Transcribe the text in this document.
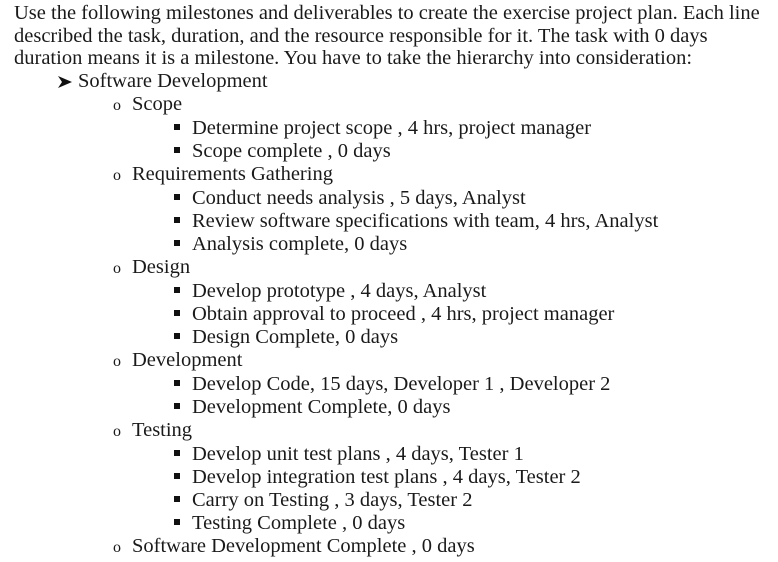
Use the following milestones and deliverables to create the exercise project plan. Each line described the task, duration, and the resource responsible for it. The task with 0 days duration means it is a milestone. You have to take the hierarchy into consideration:

Software Development
o Scope
Determine project scope , 4 hrs, project manager
Scope complete , 0 days
o Requirements Gathering
Conduct needs analysis , 5 days, Analyst
Review software specifications with team, 4 hrs, Analyst
Analysis complete, 0 days
o Design
Develop prototype , 4 days, Analyst
Obtain approval to proceed , 4 hrs, project manager
Design Complete, 0 days
o Development
Develop Code, 15 days, Developer 1 , Developer 2
Development Complete, 0 days
o Testing
Develop unit test plans , 4 days, Tester 1
Develop integration test plans , 4 days, Tester 2
Carry on Testing , 3 days, Tester 2
Testing Complete , 0 days
o Software Development Complete , 0 days
